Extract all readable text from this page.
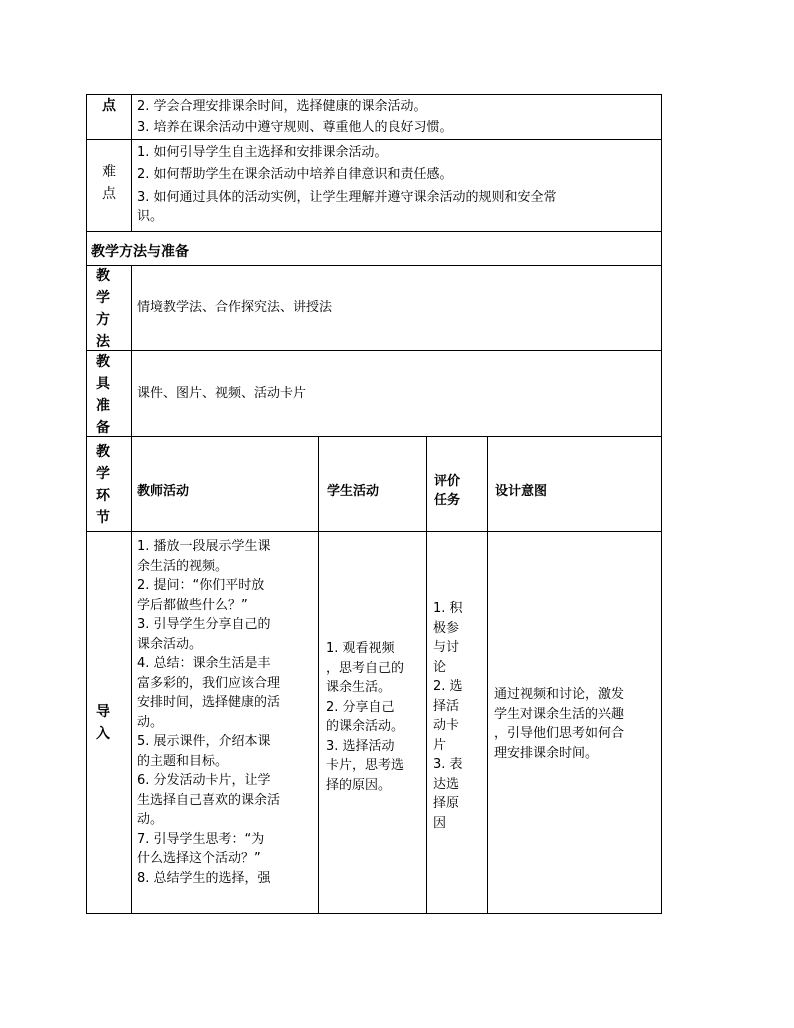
点	2. 学会合理安排课余时间，选择健康的课余活动。
3. 培养在课余活动中遵守规则、尊重他人的良好习惯。
难
点
1. 如何引导学生自主选择和安排课余活动。
2. 如何帮助学生在课余活动中培养自律意识和责任感。
3. 如何通过具体的活动实例，让学生理解并遵守课余活动的规则和安全常
识。
教学方法与准备
教
学
方
法
情境教学法、合作探究法、讲授法
教
具
准
备
课件、图片、视频、活动卡片
教
学
环
节
教师活动	学生活动
评价
任务
设计意图
导
入
1. 播放一段展示学生课
余生活的视频。
2. 提问：“你们平时放
学后都做些什么？”
3. 引导学生分享自己的
课余活动。
4. 总结：课余生活是丰
富多彩的，我们应该合理
安排时间，选择健康的活
动。
5. 展示课件，介绍本课
的主题和目标。
6. 分发活动卡片，让学
生选择自己喜欢的课余活
动。
7. 引导学生思考：“为
什么选择这个活动？”
8. 总结学生的选择，强
1. 观看视频
，思考自己的
课余生活。
2. 分享自己
的课余活动。
3. 选择活动
卡片，思考选
择的原因。
1. 积
极参
与讨
论
2. 选
择活
动卡
片
3. 表
达选
择原
因
通过视频和讨论，激发
学生对课余生活的兴趣
，引导他们思考如何合
理安排课余时间。
